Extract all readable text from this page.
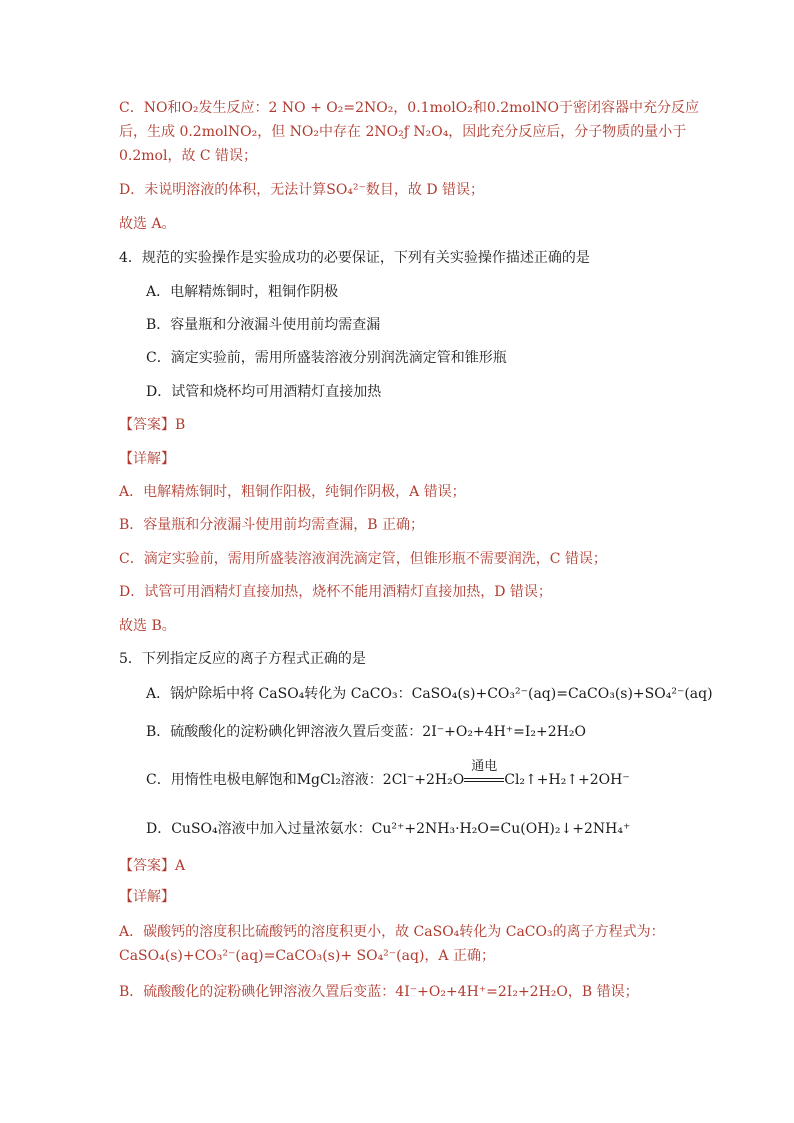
C．NO和O₂发生反应：2 NO + O₂=2NO₂，0.1molO₂和0.2molNO于密闭容器中充分反应
后，生成 0.2molNO₂，但 NO₂中存在 2NO₂ƒ N₂O₄，因此充分反应后，分子物质的量小于
0.2mol，故 C 错误；
D．未说明溶液的体积，无法计算SO₄²⁻数目，故 D 错误；
故选 A。
4．规范的实验操作是实验成功的必要保证，下列有关实验操作描述正确的是
A．电解精炼铜时，粗铜作阴极
B．容量瓶和分液漏斗使用前均需查漏
C．滴定实验前，需用所盛装溶液分别润洗滴定管和锥形瓶
D．试管和烧杯均可用酒精灯直接加热
【答案】B
【详解】
A．电解精炼铜时，粗铜作阳极，纯铜作阴极，A 错误；
B．容量瓶和分液漏斗使用前均需查漏，B 正确；
C．滴定实验前，需用所盛装溶液润洗滴定管，但锥形瓶不需要润洗，C 错误；
D．试管可用酒精灯直接加热，烧杯不能用酒精灯直接加热，D 错误；
故选 B。
5．下列指定反应的离子方程式正确的是
A．锅炉除垢中将 CaSO₄转化为 CaCO₃：CaSO₄(s)+CO₃²⁻(aq)=CaCO₃(s)+SO₄²⁻(aq)
B．硫酸酸化的淀粉碘化钾溶液久置后变蓝：2I⁻+O₂+4H⁺=I₂+2H₂O
C．用惰性电极电解饱和MgCl₂溶液：2Cl⁻+2H₂O
通电
Cl₂↑+H₂↑+2OH⁻
D．CuSO₄溶液中加入过量浓氨水：Cu²⁺+2NH₃·H₂O=Cu(OH)₂↓+2NH₄⁺
【答案】A
【详解】
A．碳酸钙的溶度积比硫酸钙的溶度积更小，故 CaSO₄转化为 CaCO₃的离子方程式为：
CaSO₄(s)+CO₃²⁻(aq)=CaCO₃(s)+ SO₄²⁻(aq)，A 正确；
B．硫酸酸化的淀粉碘化钾溶液久置后变蓝：4I⁻+O₂+4H⁺=2I₂+2H₂O，B 错误；
